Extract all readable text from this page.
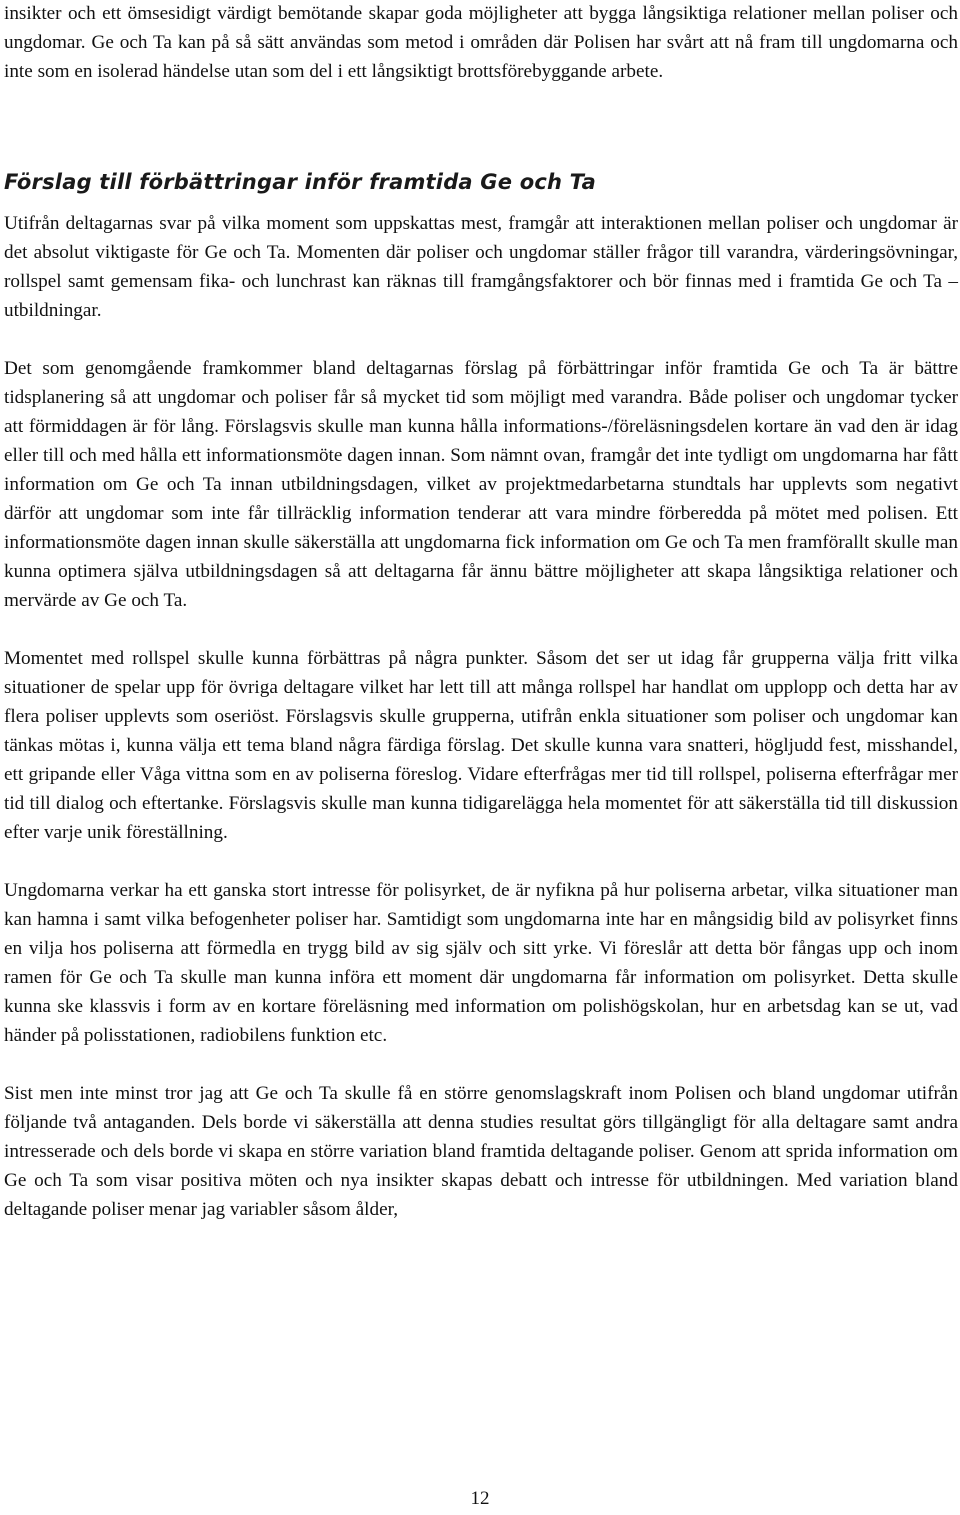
insikter och ett ömsesidigt värdigt bemötande skapar goda möjligheter att bygga långsiktiga relationer mellan poliser och ungdomar. Ge och Ta kan på så sätt användas som metod i områden där Polisen har svårt att nå fram till ungdomarna och inte som en isolerad händelse utan som del i ett långsiktigt brottsförebyggande arbete.

Förslag till förbättringar inför framtida Ge och Ta

Utifrån deltagarnas svar på vilka moment som uppskattas mest, framgår att interaktionen mellan poliser och ungdomar är det absolut viktigaste för Ge och Ta. Momenten där poliser och ungdomar ställer frågor till varandra, värderingsövningar, rollspel samt gemensam fika- och lunchrast kan räknas till framgångsfaktorer och bör finnas med i framtida Ge och Ta – utbildningar.

Det som genomgående framkommer bland deltagarnas förslag på förbättringar inför framtida Ge och Ta är bättre tidsplanering så att ungdomar och poliser får så mycket tid som möjligt med varandra. Både poliser och ungdomar tycker att förmiddagen är för lång. Förslagsvis skulle man kunna hålla informations-/föreläsningsdelen kortare än vad den är idag eller till och med hålla ett informationsmöte dagen innan. Som nämnt ovan, framgår det inte tydligt om ungdomarna har fått information om Ge och Ta innan utbildningsdagen, vilket av projektmedarbetarna stundtals har upplevts som negativt därför att ungdomar som inte får tillräcklig information tenderar att vara mindre förberedda på mötet med polisen. Ett informationsmöte dagen innan skulle säkerställa att ungdomarna fick information om Ge och Ta men framförallt skulle man kunna optimera själva utbildningsdagen så att deltagarna får ännu bättre möjligheter att skapa långsiktiga relationer och mervärde av Ge och Ta.

Momentet med rollspel skulle kunna förbättras på några punkter. Såsom det ser ut idag får grupperna välja fritt vilka situationer de spelar upp för övriga deltagare vilket har lett till att många rollspel har handlat om upplopp och detta har av flera poliser upplevts som oseriöst. Förslagsvis skulle grupperna, utifrån enkla situationer som poliser och ungdomar kan tänkas mötas i, kunna välja ett tema bland några färdiga förslag. Det skulle kunna vara snatteri, högljudd fest, misshandel, ett gripande eller Våga vittna som en av poliserna föreslog. Vidare efterfrågas mer tid till rollspel, poliserna efterfrågar mer tid till dialog och eftertanke. Förslagsvis skulle man kunna tidigarelägga hela momentet för att säkerställa tid till diskussion efter varje unik föreställning.

Ungdomarna verkar ha ett ganska stort intresse för polisyrket, de är nyfikna på hur poliserna arbetar, vilka situationer man kan hamna i samt vilka befogenheter poliser har. Samtidigt som ungdomarna inte har en mångsidig bild av polisyrket finns en vilja hos poliserna att förmedla en trygg bild av sig själv och sitt yrke. Vi föreslår att detta bör fångas upp och inom ramen för Ge och Ta skulle man kunna införa ett moment där ungdomarna får information om polisyrket. Detta skulle kunna ske klassvis i form av en kortare föreläsning med information om polishögskolan, hur en arbetsdag kan se ut, vad händer på polisstationen, radiobilens funktion etc.

Sist men inte minst tror jag att Ge och Ta skulle få en större genomslagskraft inom Polisen och bland ungdomar utifrån följande två antaganden. Dels borde vi säkerställa att denna studies resultat görs tillgängligt för alla deltagare samt andra intresserade och dels borde vi skapa en större variation bland framtida deltagande poliser. Genom att sprida information om Ge och Ta som visar positiva möten och nya insikter skapas debatt och intresse för utbildningen. Med variation bland deltagande poliser menar jag variabler såsom ålder,

12
